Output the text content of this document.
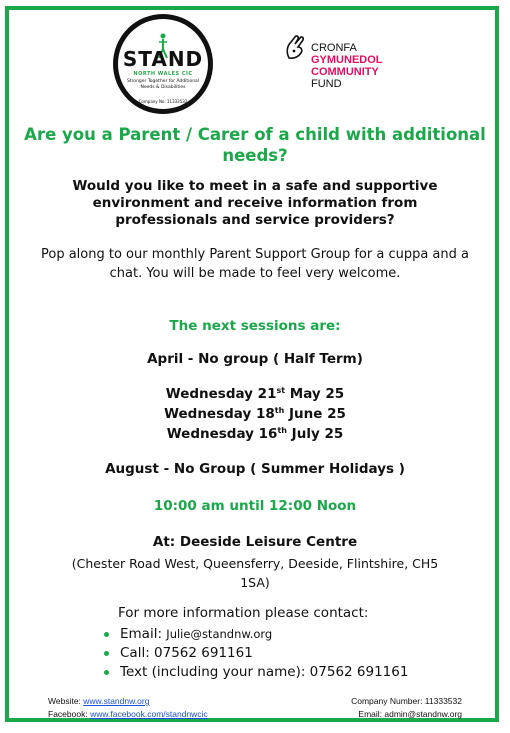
STAND
NORTH WALES CIC
Stronger Together for Additional Needs & Disabilities
Company No: 11333532
CRONFA
GYMUNEDOL
COMMUNITY
FUND
Are you a Parent / Carer of a child with additional needs?
Would you like to meet in a safe and supportive environment and receive information from professionals and service providers?
Pop along to our monthly Parent Support Group for a cuppa and a chat. You will be made to feel very welcome.
The next sessions are:
April - No group ( Half Term)
Wednesday 21st May 25
Wednesday 18th June 25
Wednesday 16th July 25
August - No Group ( Summer Holidays )
10:00 am until 12:00 Noon
At: Deeside Leisure Centre
(Chester Road West, Queensferry, Deeside, Flintshire, CH5 1SA)
For more information please contact:
Email: Julie@standnw.org
Call: 07562 691161
Text (including your name): 07562 691161
Website: www.standnw.org
Facebook: www.facebook.com/standnwcic
Company Number: 11333532
Email: admin@standnw.org
